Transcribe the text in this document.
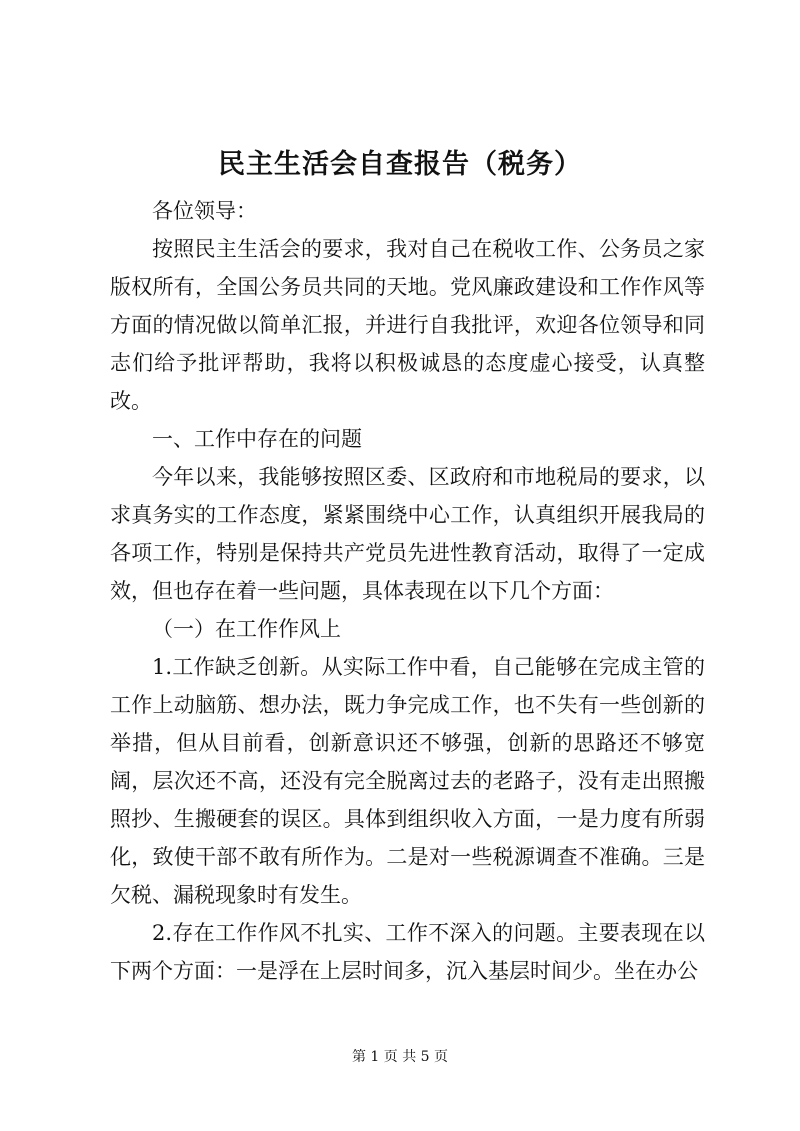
民主生活会自查报告（税务）

各位领导：

按照民主生活会的要求，我对自己在税收工作、公务员之家版权所有，全国公务员共同的天地。党风廉政建设和工作作风等方面的情况做以简单汇报，并进行自我批评，欢迎各位领导和同志们给予批评帮助，我将以积极诚恳的态度虚心接受，认真整改。

一、工作中存在的问题

今年以来，我能够按照区委、区政府和市地税局的要求，以求真务实的工作态度，紧紧围绕中心工作，认真组织开展我局的各项工作，特别是保持共产党员先进性教育活动，取得了一定成效，但也存在着一些问题，具体表现在以下几个方面：

（一）在工作作风上

1.工作缺乏创新。从实际工作中看，自己能够在完成主管的工作上动脑筋、想办法，既力争完成工作，也不失有一些创新的举措，但从目前看，创新意识还不够强，创新的思路还不够宽阔，层次还不高，还没有完全脱离过去的老路子，没有走出照搬照抄、生搬硬套的误区。具体到组织收入方面，一是力度有所弱化，致使干部不敢有所作为。二是对一些税源调查不准确。三是欠税、漏税现象时有发生。

2.存在工作作风不扎实、工作不深入的问题。主要表现在以下两个方面：一是浮在上层时间多，沉入基层时间少。坐在办公

第 1 页 共 5 页
